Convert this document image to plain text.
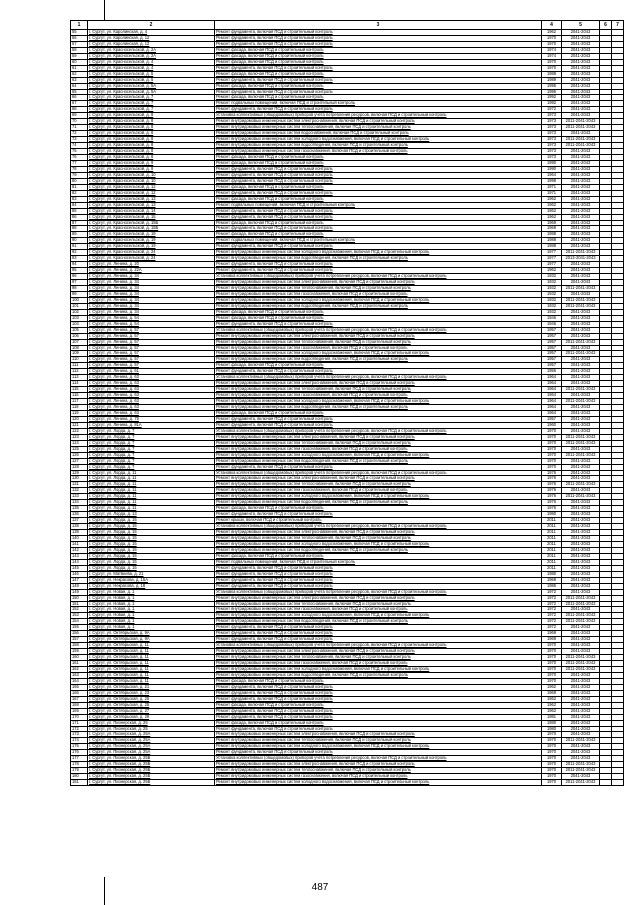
1	2	3	4	5	6	7
55	г. Сургут, ул. Каролинская, д. 4	Ремонт фундамента, включая ПСД и строительный контроль	1962	2041-2043		
56	г. Сургут, ул. Каролинская, д. 12	Ремонт фундамента, включая ПСД и строительный контроль	1970	2041-2043		
57	г. Сургут, ул. Каролинская, д. 12	Ремонт фундамента, включая ПСД и строительный контроль	1970	2041-2043		
58	г. Сургут, ул. Красносельской, д. 2А	Ремонт фасада, включая ПСД и строительный контроль	1974	2041-2043		
59	г. Сургут, ул. Красносельской, д. 2А	Ремонт фасада, включая ПСД и строительный контроль	1974	2041-2043		
60	г. Сургут, ул. Красносельской, д. 4	Ремонт фасада, включая ПСД и строительный контроль	1970	2041-2043		
61	г. Сургут, ул. Красносельской, д. 4	Ремонт фундамента, включая ПСД и строительный контроль	1970	2041-2043		
62	г. Сургут, ул. Красносельской, д. 5	Ремонт фасада, включая ПСД и строительный контроль	1989	2041-2043		
63	г. Сургут, ул. Красносельской, д. 5	Ремонт фундамента, включая ПСД и строительный контроль	1989	2041-2043		
64	г. Сургут, ул. Красносельской, д. 5А	Ремонт фасада, включая ПСД и строительный контроль	1995	2041-2043		
65	г. Сургут, ул. Красносельской, д. 5А	Ремонт фундамента, включая ПСД и строительный контроль	1995	2041-2043		
66	г. Сургут, ул. Красносельской, д. 7	Ремонт фасада, включая ПСД и строительный контроль	1992	2041-2043		
67	г. Сургут, ул. Красносельской, д. 7	Ремонт подвальных помещений, включая ПСД и строительный контроль	1992	2041-2043		
68	г. Сургут, ул. Красносельской, д. 7	Ремонт фундамента, включая ПСД и строительный контроль	1972	2041-2043		
69	г. Сургут, ул. Красносельской, д. 8	Установка коллективных (общедомовых) приборов учета потребления ресурсов, включая ПСД и строительный контроль	1973	2041-2043		
70	г. Сургут, ул. Красносельской, д. 8	Ремонт внутридомовых инженерных систем электроснабжения, включая ПСД и строительный контроль	1973	2011-2041-2043		
71	г. Сургут, ул. Красносельской, д. 8	Ремонт внутридомовых инженерных систем теплоснабжения, включая ПСД и строительный контроль	1973	2011-2041-2043		
72	г. Сургут, ул. Красносельской, д. 8	Ремонт внутридомовых инженерных систем водоснабжения, включая ПСД и строительный контроль	1973	2041-2043		
73	г. Сургут, ул. Красносельской, д. 8	Ремонт внутридомовых инженерных систем холодного водоснабжения, включая ПСД и строительный контроль	1973	2011-2041-2043		
74	г. Сургут, ул. Красносельской, д. 8	Ремонт внутридомовых инженерных систем водоотведения, включая ПСД и строительный контроль	1973	2011-2041-2043		
75	г. Сургут, ул. Красносельской, д. 8	Ремонт внутридомовых инженерных систем газоснабжения, включая ПСД и строительный контроль	1973	2041-2043		
76	г. Сургут, ул. Красносельской, д. 8	Ремонт фасада, включая ПСД и строительный контроль	1973	2041-2043		
77	г. Сургут, ул. Красносельской, д. 9	Ремонт фасада, включая ПСД и строительный контроль	1990	2041-2043		
78	г. Сургут, ул. Красносельской, д. 9	Ремонт фундамента, включая ПСД и строительный контроль	1990	2041-2043		
79	г. Сургут, ул. Красносельской, д. 10	Ремонт фундамента, включая ПСД и строительный контроль	1964	2041-2043		
80	г. Сургут, ул. Красносельской, д. 10	Ремонт фундамента, включая ПСД и строительный контроль	1998	2041-2043		
81	г. Сургут, ул. Красносельской, д. 12	Ремонт фасада, включая ПСД и строительный контроль	1971	2041-2043		
82	г. Сургут, ул. Красносельской, д. 12	Ремонт фундамента, включая ПСД и строительный контроль	1971	2041-2043		
83	г. Сургут, ул. Красносельской, д. 13	Ремонт фасада, включая ПСД и строительный контроль	1962	2041-2043		
84	г. Сургут, ул. Красносельской, д. 13	Ремонт подвальных помещений, включая ПСД и строительный контроль	1962	2041-2043		
85	г. Сургут, ул. Красносельской, д. 14	Ремонт фундамента, включая ПСД и строительный контроль	1962	2041-2043		
86	г. Сургут, ул. Красносельской, д. 15	Ремонт фундамента, включая ПСД и строительный контроль	1962	2041-2043		
87	г. Сургут, ул. Красносельской, д. 15Б	Ремонт фасада, включая ПСД и строительный контроль	1969	2041-2043		
88	г. Сургут, ул. Красносельской, д. 15Б	Ремонт фундамента, включая ПСД и строительный контроль	1969	2041-2043		
89	г. Сургут, ул. Красносельской, д. 19	Ремонт фасада, включая ПСД и строительный контроль	1988	2041-2043		
90	г. Сургут, ул. Красносельской, д. 19	Ремонт подвальных помещений, включая ПСД и строительный контроль	1988	2041-2043		
91	г. Сургут, ул. Красносельской, д. 19	Ремонт фундамента, включая ПСД и строительный контроль	1988	2041-2043		
92	г. Сургут, ул. Красносельской, д. 24	Ремонт внутридомовых инженерных систем холодного водоснабжения, включая ПСД и строительный контроль	1977	2011-2041-2043		
93	г. Сургут, ул. Красносельской, д. 24	Ремонт внутридомовых инженерных систем водоотведения, включая ПСД и строительный контроль	1977	2013-2041-2043		
94	г. Сургут, ул. Ленина, д. 20	Ремонт фундамента, включая ПСД и строительный контроль	1977	2041-2043		
95	г. Сургут, ул. Ленина, д. 22А	Ремонт фундамента, включая ПСД и строительный контроль	1962	2041-2043		
96	г. Сургут, ул. Ленина, д. 34	Установка коллективных (общедомовых) приборов учета потребления ресурсов, включая ПСД и строительный контроль	1932	2041-2043		
97	г. Сургут, ул. Ленина, д. 34	Ремонт внутридомовых инженерных систем электроснабжения, включая ПСД и строительный контроль	1932	2041-2043		
98	г. Сургут, ул. Ленина, д. 34	Ремонт внутридомовых инженерных систем теплоснабжения, включая ПСД и строительный контроль	1932	2011-2041-2043		
99	г. Сургут, ул. Ленина, д. 34	Ремонт внутридомовых инженерных систем газоснабжения, включая ПСД и строительный контроль	1932	2041-2043		
100	г. Сургут, ул. Ленина, д. 34	Ремонт внутридомовых инженерных систем холодного водоснабжения, включая ПСД и строительный контроль	1932	2011-2041-2043		
101	г. Сургут, ул. Ленина, д. 34	Ремонт внутридомовых инженерных систем водоотведения, включая ПСД и строительный контроль	1932	2011-2041-2043		
102	г. Сургут, ул. Ленина, д. 34	Ремонт фасада, включая ПСД и строительный контроль	1932	2041-2043		
103	г. Сургут, ул. Ленина, д. 54	Ремонт фасада, включая ПСД и строительный контроль	1946	2041-2043		
104	г. Сургут, ул. Ленина, д. 54	Ремонт фундамента, включая ПСД и строительный контроль	1946	2041-2043		
105	г. Сургут, ул. Ленина, д. 57	Установка коллективных (общедомовых) приборов учета потребления ресурсов, включая ПСД и строительный контроль	1957	2041-2043		
106	г. Сургут, ул. Ленина, д. 57	Ремонт внутридомовых инженерных систем электроснабжения, включая ПСД и строительный контроль	1957	2041-2043		
107	г. Сургут, ул. Ленина, д. 57	Ремонт внутридомовых инженерных систем теплоснабжения, включая ПСД и строительный контроль	1957	2011-2041-2043		
108	г. Сургут, ул. Ленина, д. 57	Ремонт внутридомовых инженерных систем газоснабжения, включая ПСД и строительный контроль	1957	2041-2043		
109	г. Сургут, ул. Ленина, д. 57	Ремонт внутридомовых инженерных систем холодного водоснабжения, включая ПСД и строительный контроль	1957	2011-2041-2043		
110	г. Сургут, ул. Ленина, д. 57	Ремонт внутридомовых инженерных систем водоотведения, включая ПСД и строительный контроль	1957	2041-2043		
111	г. Сургут, ул. Ленина, д. 57	Ремонт фасада, включая ПСД и строительный контроль	1957	2041-2043		
112	г. Сургут, ул. Ленина, д. 61	Ремонт фундамента, включая ПСД и строительный контроль	1956	2041-2043		
113	г. Сургут, ул. Ленина, д. 63	Установка коллективных (общедомовых) приборов учета потребления ресурсов, включая ПСД и строительный контроль	1964	2041-2043		
114	г. Сургут, ул. Ленина, д. 63	Ремонт внутридомовых инженерных систем электроснабжения, включая ПСД и строительный контроль	1964	2041-2043		
115	г. Сургут, ул. Ленина, д. 63	Ремонт внутридомовых инженерных систем теплоснабжения, включая ПСД и строительный контроль	1964	2011-2041-2043		
116	г. Сургут, ул. Ленина, д. 63	Ремонт внутридомовых инженерных систем газоснабжения, включая ПСД и строительный контроль	1964	2041-2043		
117	г. Сургут, ул. Ленина, д. 63	Ремонт внутридомовых инженерных систем холодного водоснабжения, включая ПСД и строительный контроль	1964	2011-2041-2043		
118	г. Сургут, ул. Ленина, д. 63	Ремонт внутридомовых инженерных систем водоотведения, включая ПСД и строительный контроль	1964	2041-2043		
119	г. Сургут, ул. Ленина, д. 63	Ремонт фасада, включая ПСД и строительный контроль	1964	2041-2043		
120	г. Сургут, ул. Ленина, д. 75	Ремонт фундамента, включая ПСД и строительный контроль	1957	2041-2043		
121	г. Сургут, ул. Ленина, д. 81А	Ремонт фундамента, включая ПСД и строительный контроль	1960	2041-2043		
122	г. Сургут, ул. Лорда, д. 7	Установка коллективных (общедомовых) приборов учета потребления ресурсов, включая ПСД и строительный контроль	1970	2041-2043		
123	г. Сургут, ул. Лорда, д. 7	Ремонт внутридомовых инженерных систем электроснабжения, включая ПСД и строительный контроль	1970	2011-2041-2043		
124	г. Сургут, ул. Лорда, д. 7	Ремонт внутридомовых инженерных систем теплоснабжения, включая ПСД и строительный контроль	1970	2011-2041-2043		
125	г. Сургут, ул. Лорда, д. 7	Ремонт внутридомовых инженерных систем газоснабжения, включая ПСД и строительный контроль	1970	2041-2043		
126	г. Сургут, ул. Лорда, д. 7	Ремонт внутридомовых инженерных систем холодного водоснабжения, включая ПСД и строительный контроль	1970	2011-2041-2043		
127	г. Сургут, ул. Лорда, д. 7	Ремонт внутридомовых инженерных систем водоотведения, включая ПСД и строительный контроль	1970	2041-2043		
128	г. Сургут, ул. Лорда, д. 7	Ремонт фундамента, включая ПСД и строительный контроль	1970	2041-2043		
129	г. Сургут, ул. Лорда, д. 11	Установка коллективных (общедомовых) приборов учета потребления ресурсов, включая ПСД и строительный контроль	1976	2041-2043		
130	г. Сургут, ул. Лорда, д. 11	Ремонт внутридомовых инженерных систем электроснабжения, включая ПСД и строительный контроль	1976	2041-2043		
131	г. Сургут, ул. Лорда, д. 11	Ремонт внутридомовых инженерных систем теплоснабжения, включая ПСД и строительный контроль	1976	2011-2041-2043		
132	г. Сургут, ул. Лорда, д. 11	Ремонт внутридомовых инженерных систем газоснабжения, включая ПСД и строительный контроль	1976	2041-2043		
133	г. Сургут, ул. Лорда, д. 11	Ремонт внутридомовых инженерных систем холодного водоснабжения, включая ПСД и строительный контроль	1976	2011-2041-2043		
134	г. Сургут, ул. Лорда, д. 11	Ремонт внутридомовых инженерных систем водоотведения, включая ПСД и строительный контроль	1976	2041-2043		
135	г. Сургут, ул. Лорда, д. 11	Ремонт фасада, включая ПСД и строительный контроль	1976	2041-2043		
136	г. Сургут, ул. Лорда, д. 13	Ремонт фундамента, включая ПСД и строительный контроль	1980	2041-2043		
137	г. Сургут, ул. Лорда, д. 15	Ремонт крыши, включая ПСД и строительный контроль	2011	2041-2043		
138	г. Сургут, ул. Лорда, д. 15	Установка коллективных (общедомовых) приборов учета потребления ресурсов, включая ПСД и строительный контроль	2011	2041-2043		
139	г. Сургут, ул. Лорда, д. 15	Ремонт внутридомовых инженерных систем электроснабжения, включая ПСД и строительный контроль	2011	2041-2043		
140	г. Сургут, ул. Лорда, д. 15	Ремонт внутридомовых инженерных систем теплоснабжения, включая ПСД и строительный контроль	2011	2041-2043		
141	г. Сургут, ул. Лорда, д. 15	Ремонт внутридомовых инженерных систем холодного водоснабжения, включая ПСД и строительный контроль	2011	2041-2043		
142	г. Сургут, ул. Лорда, д. 15	Ремонт внутридомовых инженерных систем водоотведения, включая ПСД и строительный контроль	2011	2041-2043		
143	г. Сургут, ул. Лорда, д. 15	Ремонт фасада, включая ПСД и строительный контроль	2011	2041-2043		
144	г. Сургут, ул. Лорда, д. 15	Ремонт подвальных помещений, включая ПСД и строительный контроль	2011	2041-2043		
145	г. Сургут, ул. Лорда, д. 15	Ремонт фундамента, включая ПСД и строительный контроль	2011	2041-2043		
146	г. Сургут, ул. Матвеева, д. 21	Ремонт фундамента, включая ПСД и строительный контроль	1980	2041-2043		
147	г. Сургут, ул. Некрасова, д. 15А	Ремонт фундамента, включая ПСД и строительный контроль	1969	2041-2043		
148	г. Сургут, ул. Некрасова, д. 18	Ремонт фундамента, включая ПСД и строительный контроль	1986	2041-2043		
149	г. Сургут, ул. Новая, д. 1	Установка коллективных (общедомовых) приборов учета потребления ресурсов, включая ПСД и строительный контроль	1972	2041-2043		
150	г. Сургут, ул. Новая, д. 1	Ремонт внутридомовых инженерных систем электроснабжения, включая ПСД и строительный контроль	1972	2011-2041-2043		
151	г. Сургут, ул. Новая, д. 1	Ремонт внутридомовых инженерных систем теплоснабжения, включая ПСД и строительный контроль	1972	2011-2041-2043		
152	г. Сургут, ул. Новая, д. 1	Ремонт внутридомовых инженерных систем газоснабжения, включая ПСД и строительный контроль	1972	2041-2043		
153	г. Сургут, ул. Новая, д. 1	Ремонт внутридомовых инженерных систем холодного водоснабжения, включая ПСД и строительный контроль	1972	2011-2041-2043		
154	г. Сургут, ул. Новая, д. 1	Ремонт внутридомовых инженерных систем водоотведения, включая ПСД и строительный контроль	1972	2011-2041-2043		
155	г. Сургут, ул. Новая, д. 1	Ремонт фундамента, включая ПСД и строительный контроль	1972	2041-2043		
156	г. Сургут, ул. Октябрьская, д. 9А	Ремонт фундамента, включая ПСД и строительный контроль	1969	2041-2043		
157	г. Сургут, ул. Октябрьская, д. 9А	Ремонт фундамента, включая ПСД и строительный контроль	1969	2041-2043		
158	г. Сургут, ул. Октябрьская, д. 11	Установка коллективных (общедомовых) приборов учета потребления ресурсов, включая ПСД и строительный контроль	1970	2041-2043		
159	г. Сургут, ул. Октябрьская, д. 11	Ремонт внутридомовых инженерных систем электроснабжения, включая ПСД и строительный контроль	1970	2041-2043		
160	г. Сургут, ул. Октябрьская, д. 11	Ремонт внутридомовых инженерных систем теплоснабжения, включая ПСД и строительный контроль	1970	2011-2041-2043		
161	г. Сургут, ул. Октябрьская, д. 11	Ремонт внутридомовых инженерных систем газоснабжения, включая ПСД и строительный контроль	1970	2011-2041-2043		
162	г. Сургут, ул. Октябрьская, д. 11	Ремонт внутридомовых инженерных систем холодного водоснабжения, включая ПСД и строительный контроль	1970	2011-2041-2043		
163	г. Сургут, ул. Октябрьская, д. 11	Ремонт внутридомовых инженерных систем водоотведения, включая ПСД и строительный контроль	1970	2041-2043		
164	г. Сургут, ул. Октябрьская, д. 11	Ремонт фасада, включая ПСД и строительный контроль	1970	2041-2043		
165	г. Сургут, ул. Октябрьская, д. 21	Ремонт фундамента, включая ПСД и строительный контроль	1962	2041-2043		
166	г. Сургут, ул. Октябрьская, д. 23	Ремонт фундамента, включая ПСД и строительный контроль	1969	2041-2043		
167	г. Сургут, ул. Октябрьская, д. 25	Ремонт фундамента, включая ПСД и строительный контроль	1962	2041-2043		
168	г. Сургут, ул. Октябрьская, д. 25	Ремонт фасада, включая ПСД и строительный контроль	1962	2041-2043		
169	г. Сургут, ул. Октябрьская, д. 27	Ремонт фундамента, включая ПСД и строительный контроль	1962	2041-2043		
170	г. Сургут, ул. Октябрьская, д. 29	Ремонт фундамента, включая ПСД и строительный контроль	1981	2041-2043		
171	г. Сургут, ул. Пионерская, д. 25	Ремонт фасада, включая ПСД и строительный контроль	1980	2041-2043		
172	г. Сургут, ул. Пионерская, д. 25	Ремонт фундамента, включая ПСД и строительный контроль	1980	2041-2043		
173	г. Сургут, ул. Пионерская, д. 25А	Ремонт внутридомовых инженерных систем электроснабжения, включая ПСД и строительный контроль	1970	2041-2043		
174	г. Сургут, ул. Пионерская, д. 25А	Ремонт внутридомовых инженерных систем теплоснабжения, включая ПСД и строительный контроль	1970	2011-2041-2043		
175	г. Сургут, ул. Пионерская, д. 25А	Ремонт внутридомовых инженерных систем холодного водоснабжения, включая ПСД и строительный контроль	1970	2041-2043		
176	г. Сургут, ул. Пионерская, д. 25А	Ремонт фундамента, включая ПСД и строительный контроль	1970	2041-2043		
177	г. Сургут, ул. Пионерская, д. 25Б	Установка коллективных (общедомовых) приборов учета потребления ресурсов, включая ПСД и строительный контроль	1970	2041-2043		
178	г. Сургут, ул. Пионерская, д. 25Б	Ремонт внутридомовых инженерных систем электроснабжения, включая ПСД и строительный контроль	1970	2011-2041-2043		
179	г. Сургут, ул. Пионерская, д. 25Б	Ремонт внутридомовых инженерных систем теплоснабжения, включая ПСД и строительный контроль	1970	2011-2041-2043		
180	г. Сургут, ул. Пионерская, д. 25Б	Ремонт внутридомовых инженерных систем газоснабжения, включая ПСД и строительный контроль	1970	2041-2043		
181	г. Сургут, ул. Пионерская, д. 25Б	Ремонт внутридомовых инженерных систем холодного водоснабжения, включая ПСД и строительный контроль	1970	2011-2041-2043		
487
